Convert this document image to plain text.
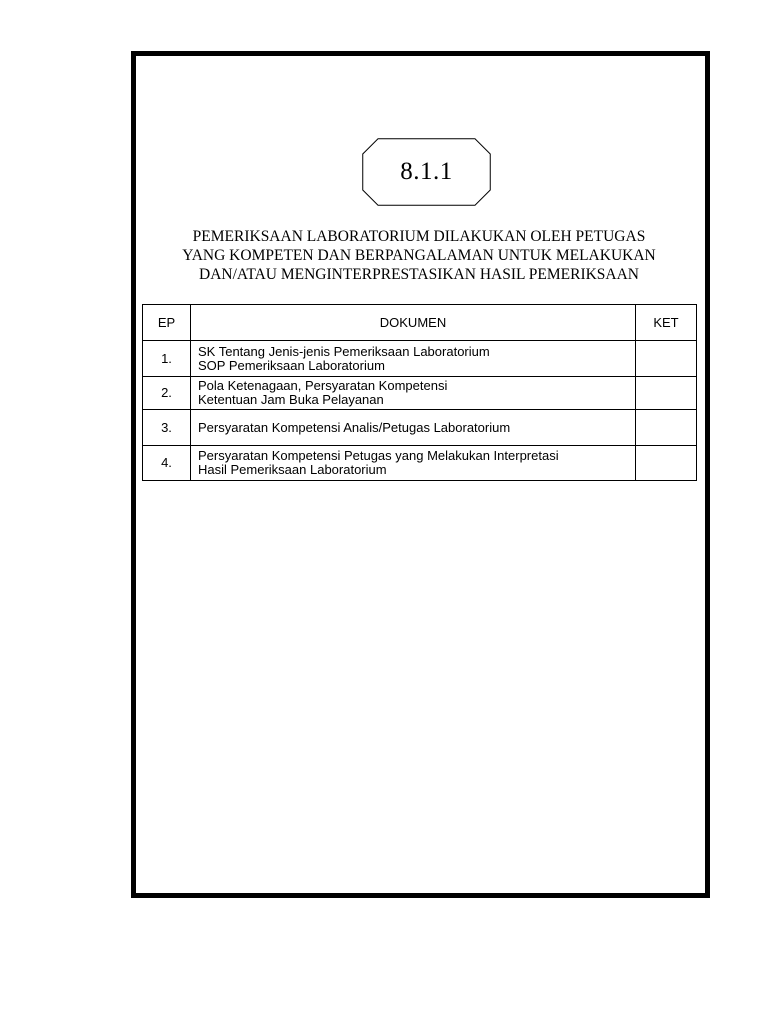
8.1.1
PEMERIKSAAN LABORATORIUM DILAKUKAN OLEH PETUGAS
YANG KOMPETEN DAN BERPANGALAMAN UNTUK MELAKUKAN
DAN/ATAU MENGINTERPRESTASIKAN HASIL PEMERIKSAAN
EP	DOKUMEN	KET
1.	SK Tentang Jenis-jenis Pemeriksaan Laboratorium
SOP Pemeriksaan Laboratorium	

2.	Pola Ketenagaan, Persyaratan Kompetensi
Ketentuan Jam Buka Pelayanan	

3.	Persyaratan Kompetensi Analis/Petugas Laboratorium	

4.	Persyaratan Kompetensi Petugas yang Melakukan Interpretasi
Hasil Pemeriksaan Laboratorium	
